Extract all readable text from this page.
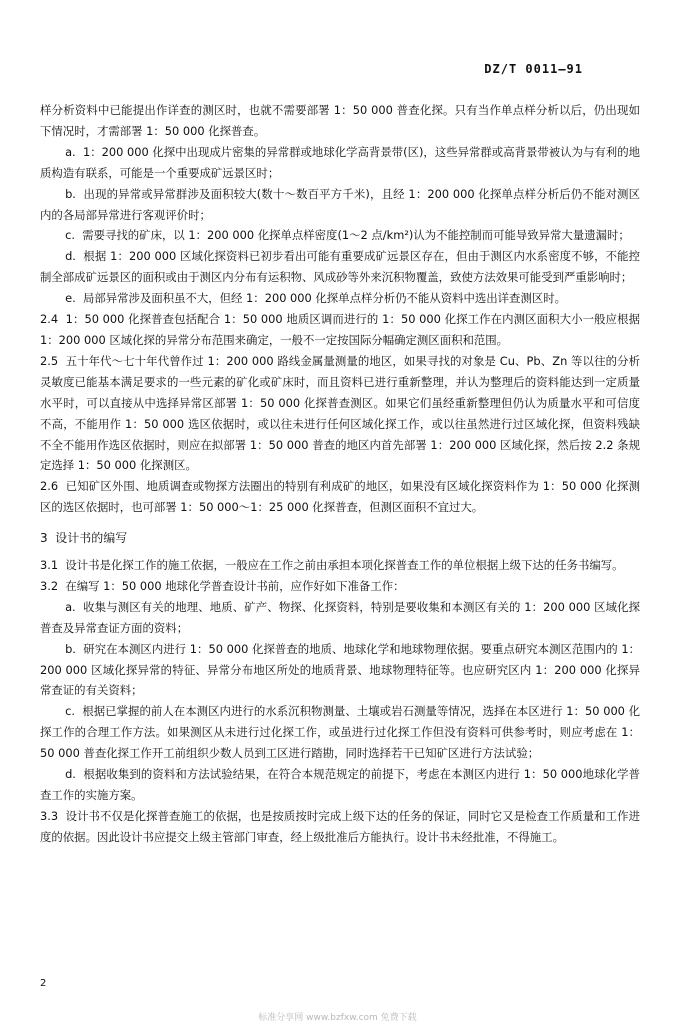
DZ/T 0011—91

样分析资料中已能提出作详查的测区时，也就不需要部署 1：50 000 普查化探。只有当作单点样分析以后，仍出现如下情况时，才需部署 1：50 000 化探普查。

a. 1：200 000 化探中出现成片密集的异常群或地球化学高背景带(区)，这些异常群或高背景带被认为与有利的地质构造有联系，可能是一个重要成矿远景区时；

b. 出现的异常或异常群涉及面积较大(数十～数百平方千米)，且经 1：200 000 化探单点样分析后仍不能对测区内的各局部异常进行客观评价时；

c. 需要寻找的矿床，以 1：200 000 化探单点样密度(1～2 点/km²)认为不能控制而可能导致异常大量遗漏时；

d. 根据 1：200 000 区域化探资料已初步看出可能有重要成矿远景区存在，但由于测区内水系密度不够，不能控制全部成矿远景区的面积或由于测区内分布有运积物、风成砂等外来沉积物覆盖，致使方法效果可能受到严重影响时；

e. 局部异常涉及面积虽不大，但经 1：200 000 化探单点样分析仍不能从资料中选出详查测区时。

2.4 1：50 000 化探普查包括配合 1：50 000 地质区调而进行的 1：50 000 化探工作在内测区面积大小一般应根据 1：200 000 区域化探的异常分布范围来确定，一般不一定按国际分幅确定测区面积和范围。

2.5 五十年代～七十年代曾作过 1：200 000 路线金属量测量的地区，如果寻找的对象是 Cu、Pb、Zn 等以往的分析灵敏度已能基本满足要求的一些元素的矿化或矿床时，而且资料已进行重新整理，并认为整理后的资料能达到一定质量水平时，可以直接从中选择异常区部署 1：50 000 化探普查测区。如果它们虽经重新整理但仍认为质量水平和可信度不高，不能用作 1：50 000 选区依据时，或以往未进行任何区域化探工作，或以往虽然进行过区域化探，但资料残缺不全不能用作选区依据时，则应在拟部署 1：50 000 普查的地区内首先部署 1：200 000 区域化探，然后按 2.2 条规定选择 1：50 000 化探测区。

2.6 已知矿区外围、地质调查或物探方法圈出的特别有利成矿的地区，如果没有区域化探资料作为 1：50 000 化探测区的选区依据时，也可部署 1：50 000～1：25 000 化探普查，但测区面积不宜过大。

3 设计书的编写

3.1 设计书是化探工作的施工依据，一般应在工作之前由承担本项化探普查工作的单位根据上级下达的任务书编写。

3.2 在编写 1：50 000 地球化学普查设计书前，应作好如下准备工作：

a. 收集与测区有关的地理、地质、矿产、物探、化探资料，特别是要收集和本测区有关的 1：200 000 区域化探普查及异常查证方面的资料；

b. 研究在本测区内进行 1：50 000 化探普查的地质、地球化学和地球物理依据。要重点研究本测区范围内的 1：200 000 区域化探异常的特征、异常分布地区所处的地质背景、地球物理特征等。也应研究区内 1：200 000 化探异常查证的有关资料；

c. 根据已掌握的前人在本测区内进行的水系沉积物测量、土壤或岩石测量等情况，选择在本区进行 1：50 000 化探工作的合理工作方法。如果测区从未进行过化探工作，或虽进行过化探工作但没有资料可供参考时，则应考虑在 1：50 000 普查化探工作开工前组织少数人员到工区进行踏勘，同时选择若干已知矿区进行方法试验；

d. 根据收集到的资料和方法试验结果，在符合本规范规定的前提下，考虑在本测区内进行 1：50 000地球化学普查工作的实施方案。

3.3 设计书不仅是化探普查施工的依据，也是按质按时完成上级下达的任务的保证，同时它又是检查工作质量和工作进度的依据。因此设计书应提交上级主管部门审查，经上级批准后方能执行。设计书未经批准，不得施工。

2
标准分享网 www.bzfxw.com 免费下载
